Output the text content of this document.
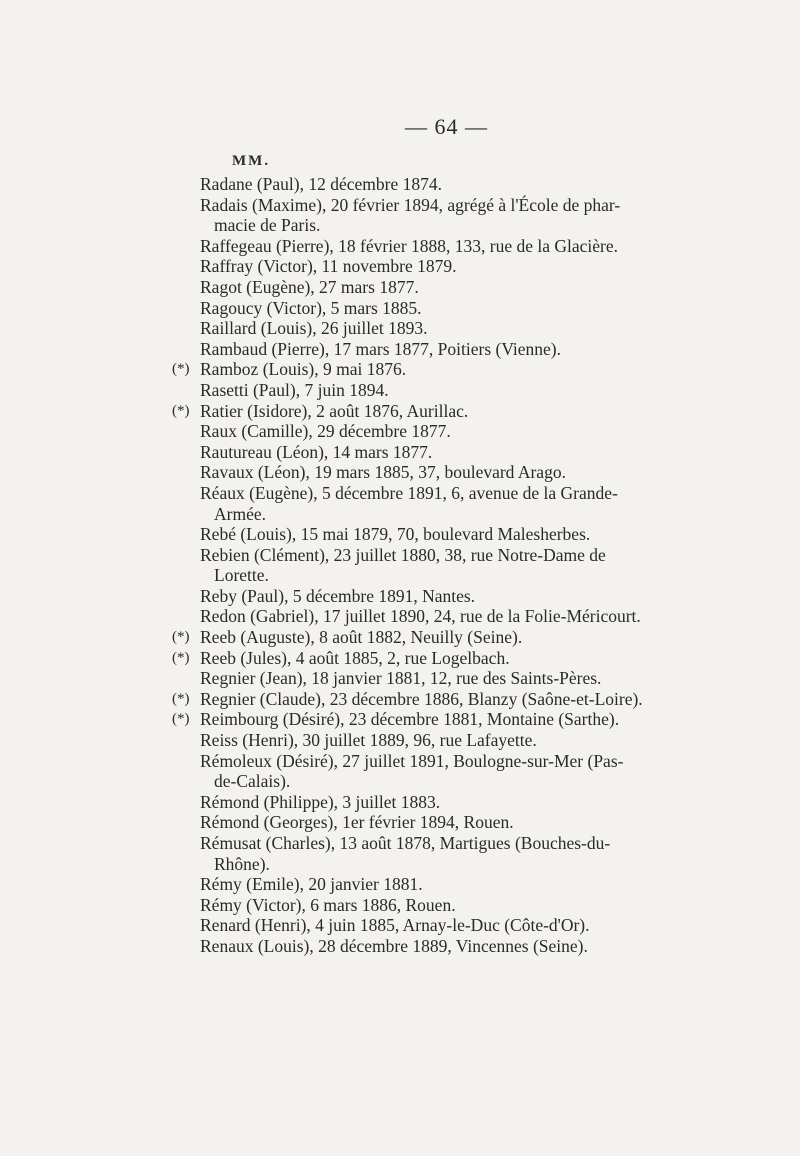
— 64 —
MM.
Radane (Paul), 12 décembre 1874.
Radais (Maxime), 20 février 1894, agrégé à l'École de phar-
macie de Paris.
Raffegeau (Pierre), 18 février 1888, 133, rue de la Glacière.
Raffray (Victor), 11 novembre 1879.
Ragot (Eugène), 27 mars 1877.
Ragoucy (Victor), 5 mars 1885.
Raillard (Louis), 26 juillet 1893.
Rambaud (Pierre), 17 mars 1877, Poitiers (Vienne).
(*) Ramboz (Louis), 9 mai 1876.
Rasetti (Paul), 7 juin 1894.
(*) Ratier (Isidore), 2 août 1876, Aurillac.
Raux (Camille), 29 décembre 1877.
Rautureau (Léon), 14 mars 1877.
Ravaux (Léon), 19 mars 1885, 37, boulevard Arago.
Réaux (Eugène), 5 décembre 1891, 6, avenue de la Grande-
Armée.
Rebé (Louis), 15 mai 1879, 70, boulevard Malesherbes.
Rebien (Clément), 23 juillet 1880, 38, rue Notre-Dame de
Lorette.
Reby (Paul), 5 décembre 1891, Nantes.
Redon (Gabriel), 17 juillet 1890, 24, rue de la Folie-Méricourt.
(*) Reeb (Auguste), 8 août 1882, Neuilly (Seine).
(*) Reeb (Jules), 4 août 1885, 2, rue Logelbach.
Regnier (Jean), 18 janvier 1881, 12, rue des Saints-Pères.
(*) Regnier (Claude), 23 décembre 1886, Blanzy (Saône-et-Loire).
(*) Reimbourg (Désiré), 23 décembre 1881, Montaine (Sarthe).
Reiss (Henri), 30 juillet 1889, 96, rue Lafayette.
Rémoleux (Désiré), 27 juillet 1891, Boulogne-sur-Mer (Pas-
de-Calais).
Rémond (Philippe), 3 juillet 1883.
Rémond (Georges), 1er février 1894, Rouen.
Rémusat (Charles), 13 août 1878, Martigues (Bouches-du-
Rhône).
Rémy (Emile), 20 janvier 1881.
Rémy (Victor), 6 mars 1886, Rouen.
Renard (Henri), 4 juin 1885, Arnay-le-Duc (Côte-d'Or).
Renaux (Louis), 28 décembre 1889, Vincennes (Seine).
